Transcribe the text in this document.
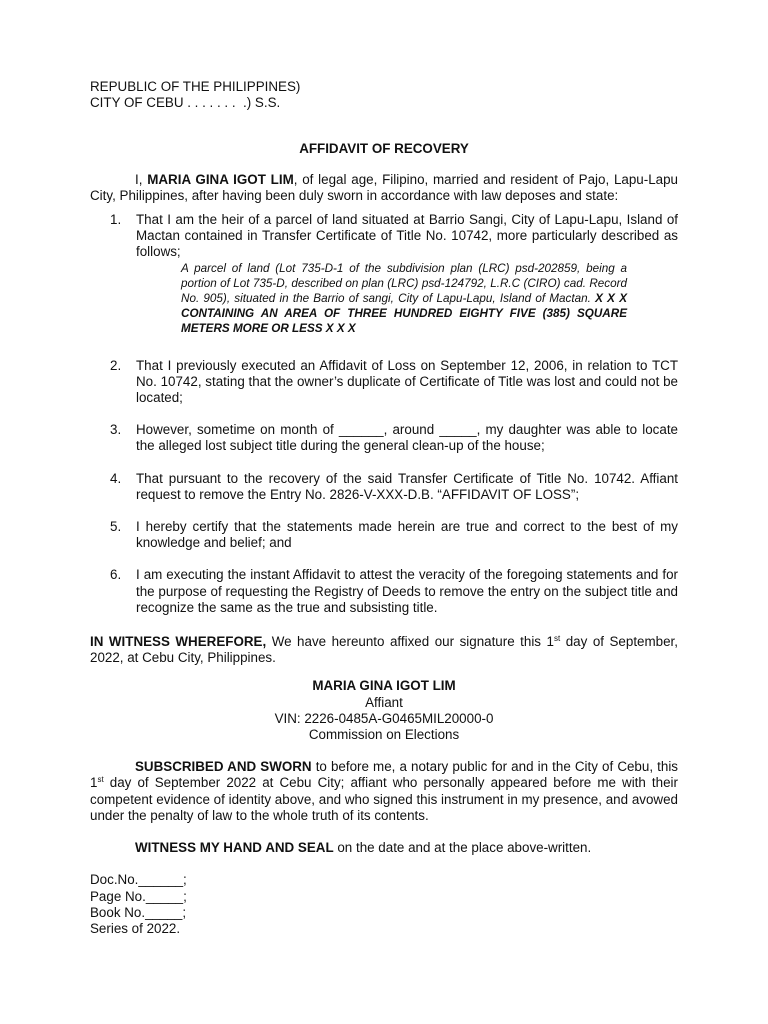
REPUBLIC OF THE PHILIPPINES)
CITY OF CEBU . . . . . . .  .) S.S.
AFFIDAVIT OF RECOVERY

I, MARIA GINA IGOT LIM, of legal age, Filipino, married and resident of Pajo, Lapu-Lapu City, Philippines, after having been duly sworn in accordance with law deposes and state:

1. That I am the heir of a parcel of land situated at Barrio Sangi, City of Lapu-Lapu, Island of Mactan contained in Transfer Certificate of Title No. 10742, more particularly described as follows;

A parcel of land (Lot 735-D-1 of the subdivision plan (LRC) psd-202859, being a portion of Lot 735-D, described on plan (LRC) psd-124792, L.R.C (CIRO) cad. Record No. 905), situated in the Barrio of sangi, City of Lapu-Lapu, Island of Mactan. X X X CONTAINING AN AREA OF THREE HUNDRED EIGHTY FIVE (385) SQUARE METERS MORE OR LESS X X X

2. That I previously executed an Affidavit of Loss on September 12, 2006, in relation to TCT No. 10742, stating that the owner’s duplicate of Certificate of Title was lost and could not be located;
3. However, sometime on month of ______, around _____, my daughter was able to locate the alleged lost subject title during the general clean-up of the house;
4. That pursuant to the recovery of the said Transfer Certificate of Title No. 10742. Affiant request to remove the Entry No. 2826-V-XXX-D.B. “AFFIDAVIT OF LOSS”;
5. I hereby certify that the statements made herein are true and correct to the best of my knowledge and belief; and
6. I am executing the instant Affidavit to attest the veracity of the foregoing statements and for the purpose of requesting the Registry of Deeds to remove the entry on the subject title and recognize the same as the true and subsisting title.

IN WITNESS WHEREFORE, We have hereunto affixed our signature this 1st day of September, 2022, at Cebu City, Philippines.

MARIA GINA IGOT LIM
Affiant
VIN: 2226-0485A-G0465MIL20000-0
Commission on Elections

SUBSCRIBED AND SWORN to before me, a notary public for and in the City of Cebu, this 1st day of September 2022 at Cebu City; affiant who personally appeared before me with their competent evidence of identity above, and who signed this instrument in my presence, and avowed under the penalty of law to the whole truth of its contents.

WITNESS MY HAND AND SEAL on the date and at the place above-written.

Doc.No.______;
Page No._____;
Book No._____;
Series of 2022.
